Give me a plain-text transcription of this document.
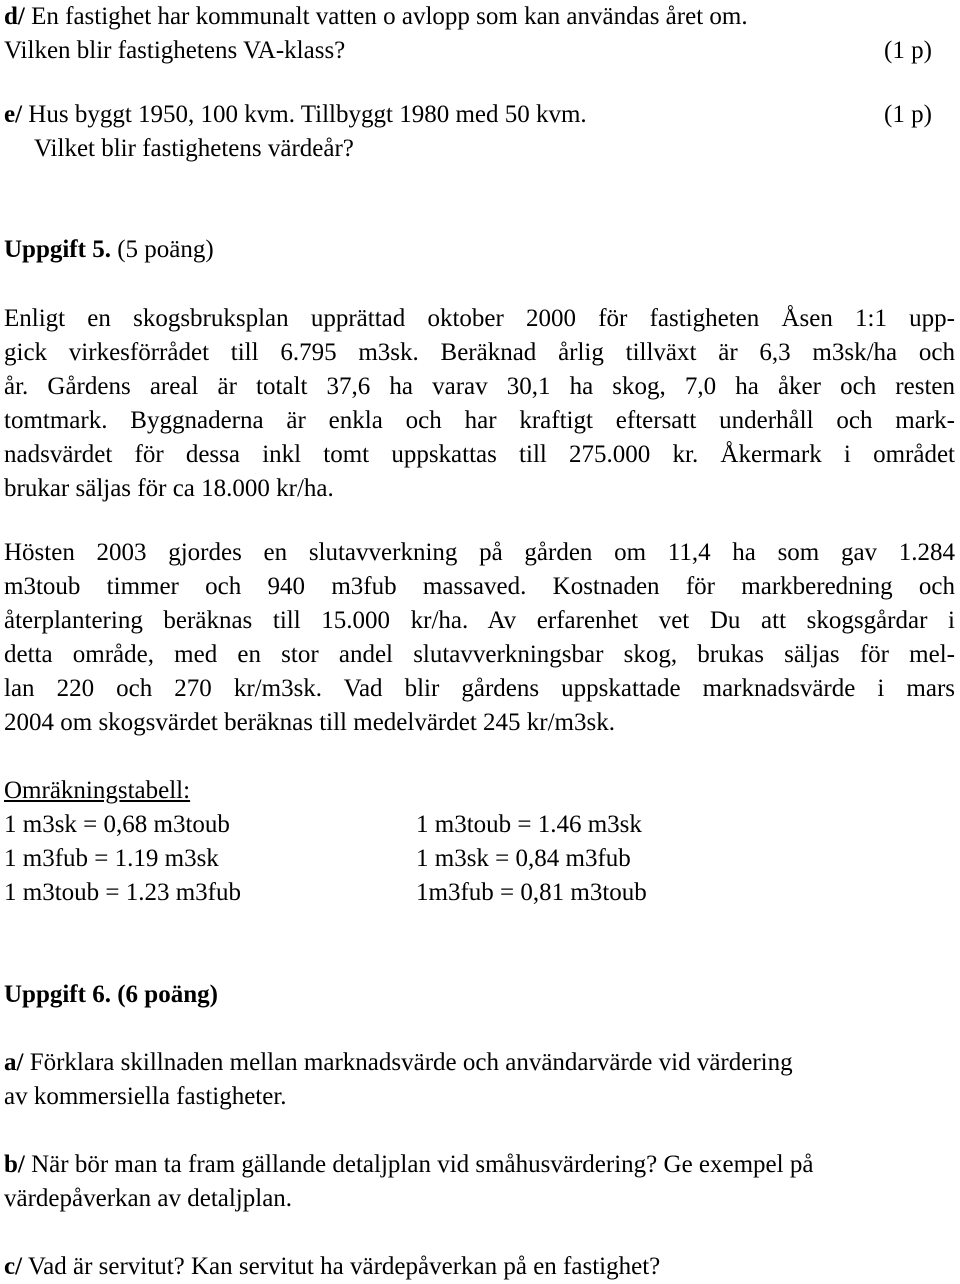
d/ En fastighet har kommunalt vatten o avlopp som kan användas året om.
Vilken blir fastighetens VA-klass?	(1 p)
e/ Hus byggt 1950, 100 kvm. Tillbyggt 1980 med 50 kvm.	(1 p)
Vilket blir fastighetens värdeår?
Uppgift 5. (5 poäng)
Enligt en skogsbruksplan upprättad oktober 2000 för fastigheten Åsen 1:1 upp-
gick virkesförrådet till 6.795 m3sk. Beräknad årlig tillväxt är 6,3 m3sk/ha och
år. Gårdens areal är totalt 37,6 ha varav 30,1 ha skog, 7,0 ha åker och resten
tomtmark. Byggnaderna är enkla och har kraftigt eftersatt underhåll och mark-
nadsvärdet för dessa inkl tomt uppskattas till 275.000 kr. Åkermark i området
brukar säljas för ca 18.000 kr/ha.
Hösten 2003 gjordes en slutavverkning på gården om 11,4 ha som gav 1.284
m3toub timmer och 940 m3fub massaved. Kostnaden för markberedning och
återplantering beräknas till 15.000 kr/ha. Av erfarenhet vet Du att skogsgårdar i
detta område, med en stor andel slutavverkningsbar skog, brukas säljas för mel-
lan 220 och 270 kr/m3sk. Vad blir gårdens uppskattade marknadsvärde i mars
2004 om skogsvärdet beräknas till medelvärdet 245 kr/m3sk.
Omräkningstabell:
1 m3sk = 0,68 m3toub	1 m3toub = 1.46 m3sk
1 m3fub = 1.19 m3sk	1 m3sk = 0,84 m3fub
1 m3toub = 1.23 m3fub	1m3fub = 0,81 m3toub
Uppgift 6. (6 poäng)
a/ Förklara skillnaden mellan marknadsvärde och användarvärde vid värdering
av kommersiella fastigheter.
b/ När bör man ta fram gällande detaljplan vid småhusvärdering? Ge exempel på
värdepåverkan av detaljplan.
c/ Vad är servitut? Kan servitut ha värdepåverkan på en fastighet?
